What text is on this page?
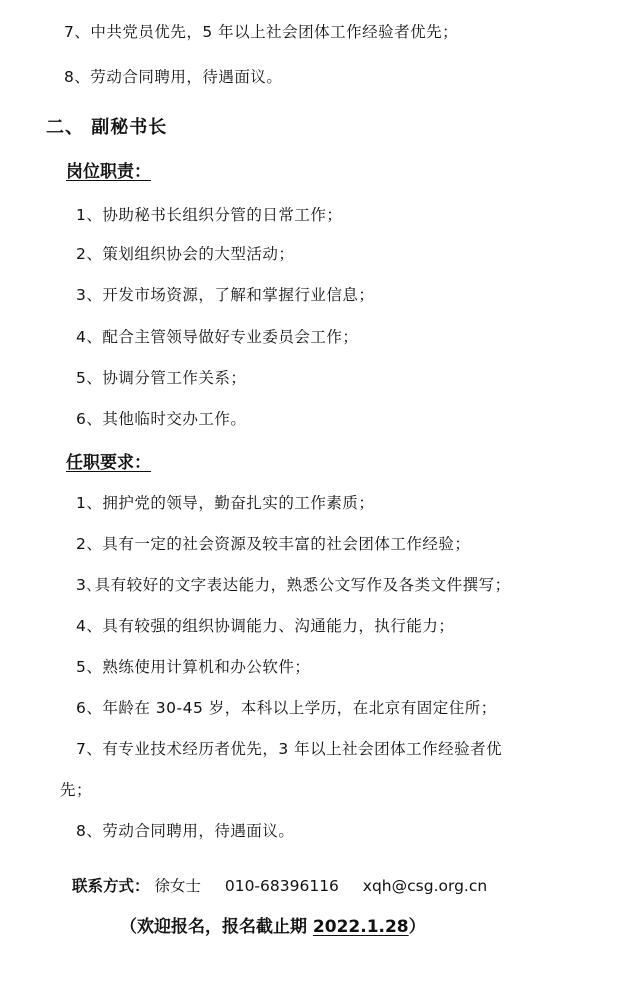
7、中共党员优先，5 年以上社会团体工作经验者优先；
8、劳动合同聘用，待遇面议。
二、 副秘书长
岗位职责：
1、协助秘书长组织分管的日常工作；
2、策划组织协会的大型活动；
3、开发市场资源，了解和掌握行业信息；
4、配合主管领导做好专业委员会工作；
5、协调分管工作关系；
6、其他临时交办工作。
任职要求：
1、拥护党的领导，勤奋扎实的工作素质；
2、具有一定的社会资源及较丰富的社会团体工作经验；
3､具有较好的文字表达能力，熟悉公文写作及各类文件撰写；
4、具有较强的组织协调能力、沟通能力，执行能力；
5、熟练使用计算机和办公软件；
6、年龄在 30-45 岁，本科以上学历，在北京有固定住所；
7、有专业技术经历者优先，3 年以上社会团体工作经验者优
先；
8、劳动合同聘用，待遇面议。
联系方式： 徐女士 010-68396116 xqh@csg.org.cn
（欢迎报名，报名截止期 2022.1.28）
